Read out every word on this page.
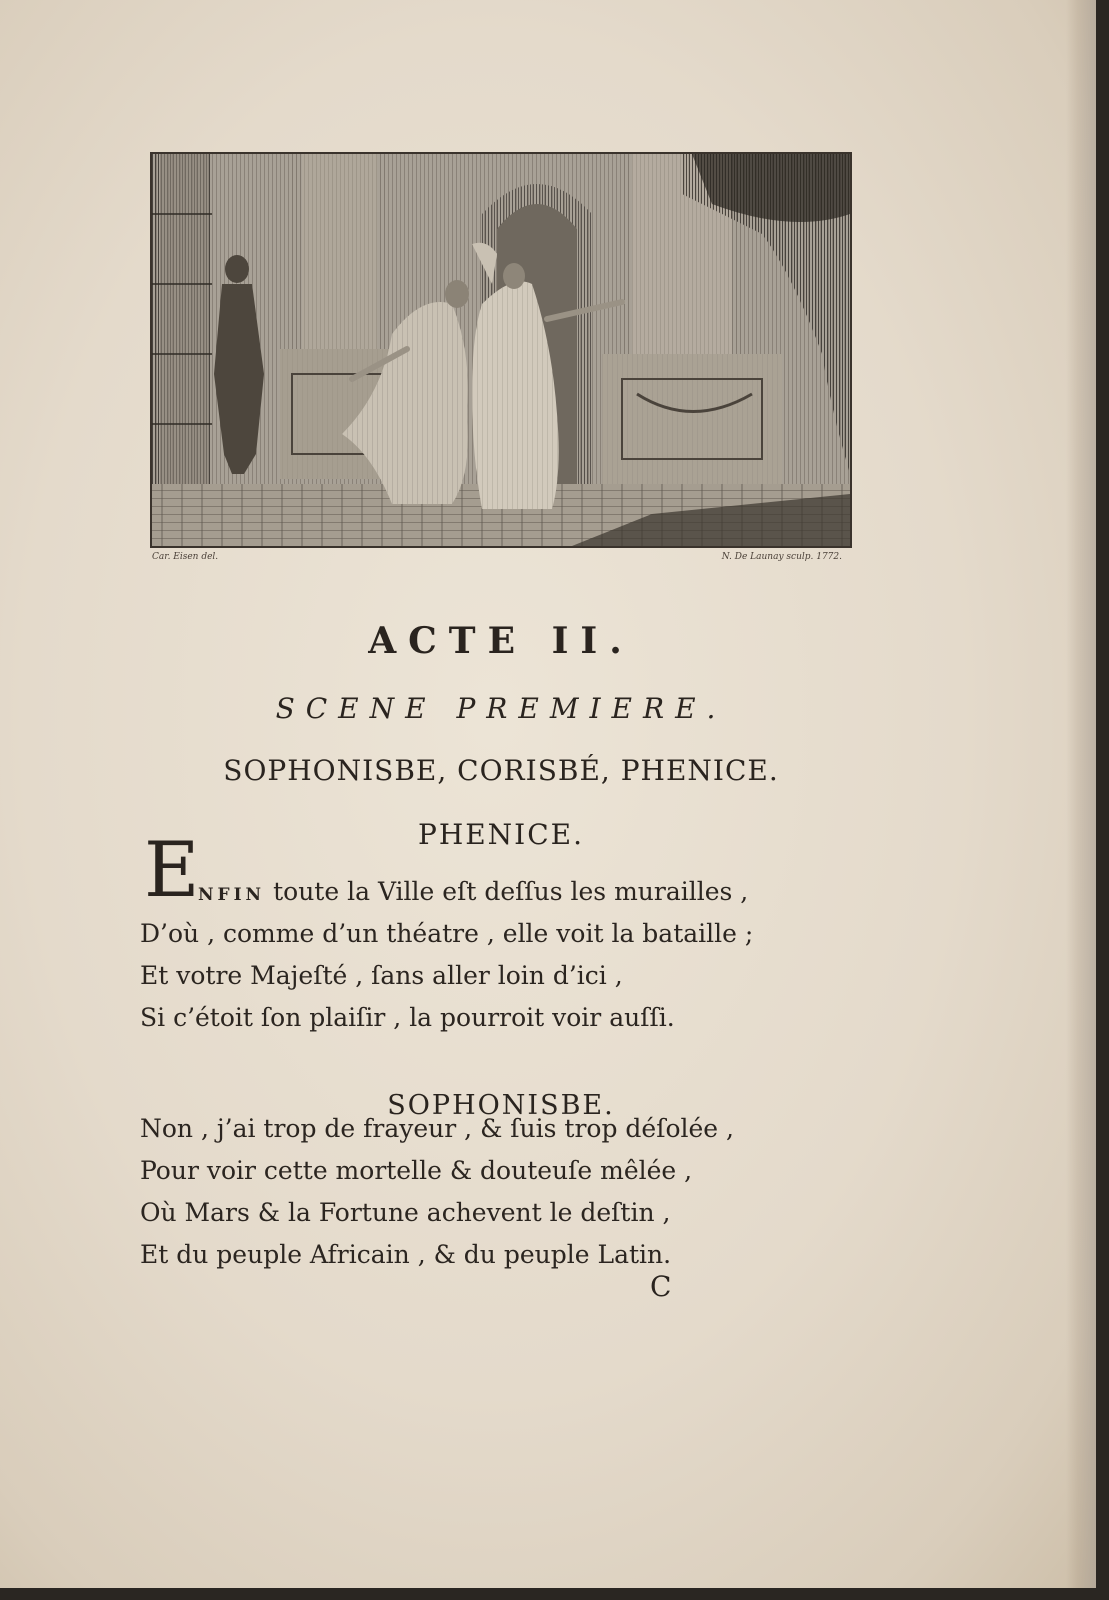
Car. Eisen del.	N. De Launay sculp. 1772.
ACTE II.
SCENE PREMIERE.
SOPHONISBE, CORISBÉ, PHENICE.
PHENICE.
E
NFIN toute la Ville eſt deſſus les murailles ,
D’où , comme d’un théatre , elle voit la bataille ;
Et votre Majeſté , ſans aller loin d’ici ,
Si c’étoit ſon plaiſir , la pourroit voir auſſi.
SOPHONISBE.
Non , j’ai trop de frayeur , & ſuis trop déſolée ,
Pour voir cette mortelle & douteuſe mêlée ,
Où Mars & la Fortune achevent le deſtin ,
Et du peuple Africain , & du peuple Latin.
C
